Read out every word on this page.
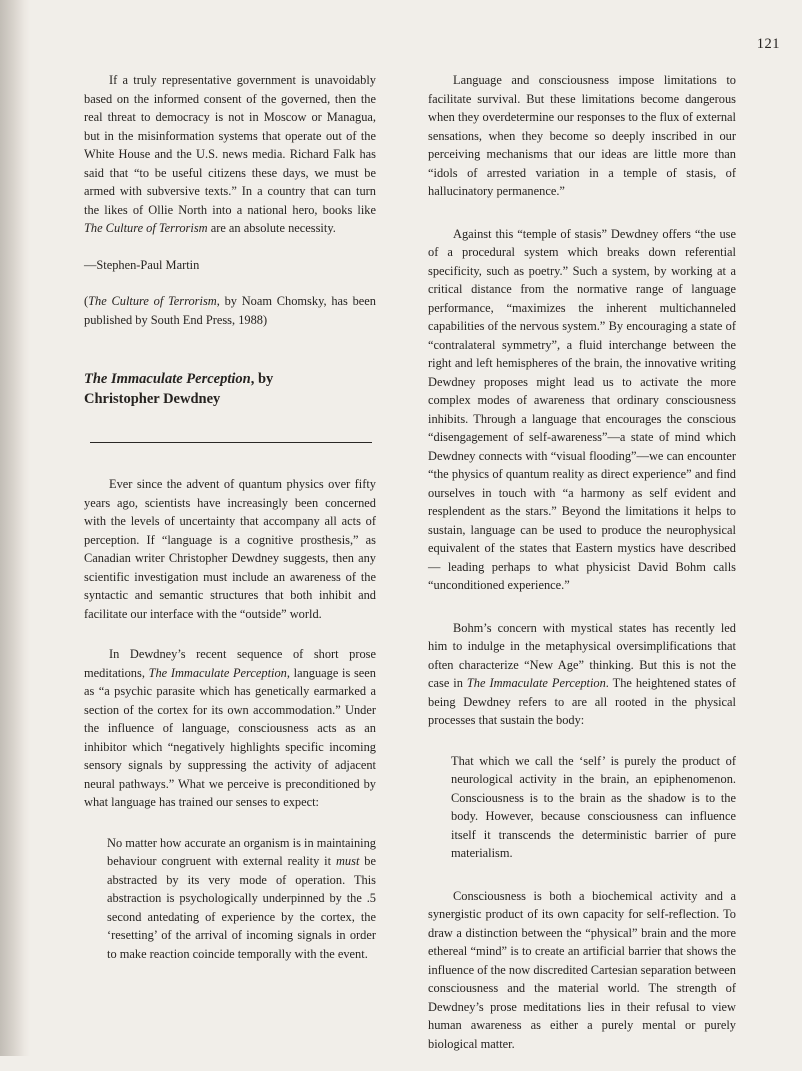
121

If a truly representative government is unavoidably based on the informed consent of the governed, then the real threat to democracy is not in Moscow or Managua, but in the misinformation systems that operate out of the White House and the U.S. news media. Richard Falk has said that “to be useful citizens these days, we must be armed with subversive texts.” In a country that can turn the likes of Ollie North into a national hero, books like The Culture of Terrorism are an absolute necessity.

—Stephen-Paul Martin

(The Culture of Terrorism, by Noam Chomsky, has been published by South End Press, 1988)

The Immaculate Perception, by
Christopher Dewdney

Ever since the advent of quantum physics over fifty years ago, scientists have increasingly been concerned with the levels of uncertainty that accompany all acts of perception. If “language is a cognitive prosthesis,” as Canadian writer Christopher Dewdney suggests, then any scientific investigation must include an awareness of the syntactic and semantic structures that both inhibit and facilitate our interface with the “outside” world.

In Dewdney’s recent sequence of short prose meditations, The Immaculate Perception, language is seen as “a psychic parasite which has genetically earmarked a section of the cortex for its own accommodation.” Under the influence of language, consciousness acts as an inhibitor which “negatively highlights specific incoming sensory signals by suppressing the activity of adjacent neural pathways.” What we perceive is preconditioned by what language has trained our senses to expect:

No matter how accurate an organism is in maintaining behaviour congruent with external reality it must be abstracted by its very mode of operation. This abstraction is psychologically underpinned by the .5 second antedating of experience by the cortex, the ‘resetting’ of the arrival of incoming signals in order to make reaction coincide temporally with the event.

Language and consciousness impose limitations to facilitate survival. But these limitations become dangerous when they overdetermine our responses to the flux of external sensations, when they become so deeply inscribed in our perceiving mechanisms that our ideas are little more than “idols of arrested variation in a temple of stasis, of hallucinatory permanence.”

Against this “temple of stasis” Dewdney offers “the use of a procedural system which breaks down referential specificity, such as poetry.” Such a system, by working at a critical distance from the normative range of language performance, “maximizes the inherent multichanneled capabilities of the nervous system.” By encouraging a state of “contralateral symmetry”, a fluid interchange between the right and left hemispheres of the brain, the innovative writing Dewdney proposes might lead us to activate the more complex modes of awareness that ordinary consciousness inhibits. Through a language that encourages the conscious “disengagement of self-awareness”—a state of mind which Dewdney connects with “visual flooding”—we can encounter “the physics of quantum reality as direct experience” and find ourselves in touch with “a harmony as self evident and resplendent as the stars.” Beyond the limitations it helps to sustain, language can be used to produce the neurophysical equivalent of the states that Eastern mystics have described — leading perhaps to what physicist David Bohm calls “unconditioned experience.”

Bohm’s concern with mystical states has recently led him to indulge in the metaphysical oversimplifications that often characterize “New Age” thinking. But this is not the case in The Immaculate Perception. The heightened states of being Dewdney refers to are all rooted in the physical processes that sustain the body:

That which we call the ‘self’ is purely the product of neurological activity in the brain, an epiphenomenon. Consciousness is to the brain as the shadow is to the body. However, because consciousness can influence itself it transcends the deterministic barrier of pure materialism.

Consciousness is both a biochemical activity and a synergistic product of its own capacity for self-reflection. To draw a distinction between the “physical” brain and the more ethereal “mind” is to create an artificial barrier that shows the influence of the now discredited Cartesian separation between consciousness and the material world. The strength of Dewdney’s prose meditations lies in their refusal to view human awareness as either a purely mental or purely biological matter.
